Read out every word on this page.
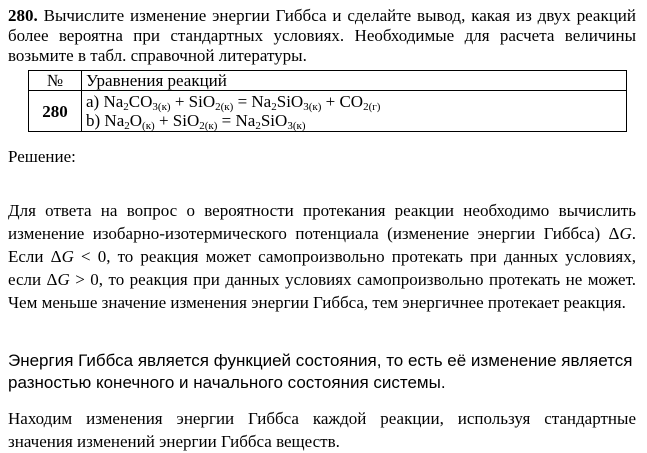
280. Вычислите изменение энергии Гиббса и сделайте вывод, какая из двух реакций более вероятна при стандартных условиях. Необходимые для расчета величины возьмите в табл. справочной литературы.
№	Уравнения реакций
280	a) $Na_2CO_{3(к)} + SiO_{2(к)} = Na_2SiO_{3(к)} + CO_{2(г)}$
b) $Na_2O_{(к)} + SiO_{2(к)} = Na_2SiO_{3(к)}$
Решение:
Для ответа на вопрос о вероятности протекания реакции необходимо вычислить изменение изобарно-изотермического потенциала (изменение энергии Гиббса) ΔG. Если ΔG < 0, то реакция может самопроизвольно протекать при данных условиях, если ΔG > 0, то реакция при данных условиях самопроизвольно протекать не может. Чем меньше значение изменения энергии Гиббса, тем энергичнее протекает реакция.
Энергия Гиббса является функцией состояния, то есть её изменение является разностью конечного и начального состояния системы.
Находим изменения энергии Гиббса каждой реакции, используя стандартные значения изменений энергии Гиббса веществ.
